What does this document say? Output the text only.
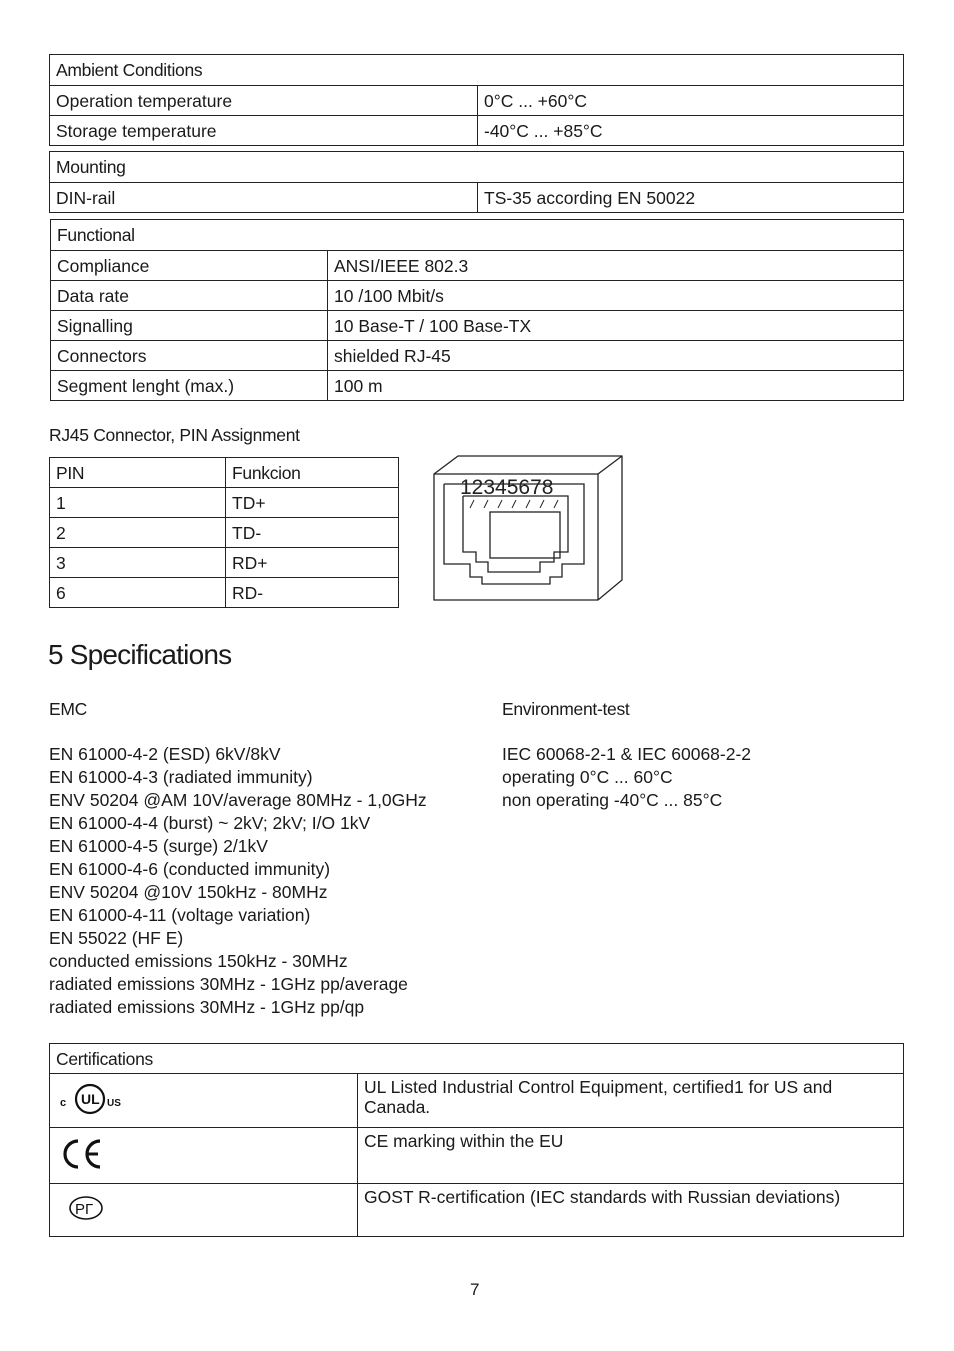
Ambient Conditions	
Operation temperature	0°C ... +60°C
Storage temperature	-40°C ... +85°C
Mounting
DIN-rail	TS-35 according EN 50022
Functional	
Compliance	ANSI/IEEE 802.3
Data rate	10 /100 Mbit/s
Signalling	10 Base-T / 100 Base-TX
Connectors	shielded RJ-45
Segment lenght (max.)	100 m
RJ45 Connector, PIN Assignment
PIN	Funkcion
1	TD+
2	TD-
3	RD+
6	RD-
12345678
5 Specifications
EMC
EN 61000-4-2 (ESD) 6kV/8kV
EN 61000-4-3 (radiated immunity)
ENV 50204 @AM 10V/average 80MHz - 1,0GHz
EN 61000-4-4 (burst) ~ 2kV; 2kV; I/O 1kV
EN 61000-4-5 (surge) 2/1kV
EN 61000-4-6 (conducted immunity)
ENV 50204 @10V 150kHz - 80MHz
EN 61000-4-11 (voltage variation)
EN 55022 (HF E)
conducted emissions 150kHz - 30MHz
radiated emissions 30MHz - 1GHz pp/average
radiated emissions 30MHz - 1GHz pp/qp
Environment-test
IEC 60068-2-1 & IEC 60068-2-2
operating 0°C ... 60°C
non operating -40°C ... 85°C
Certifications	

c UL US	UL Listed Industrial Control Equipment, certified1 for US and Canada.
	CE marking within the EU

PГ	GOST R-certification (IEC standards with Russian deviations)
7
